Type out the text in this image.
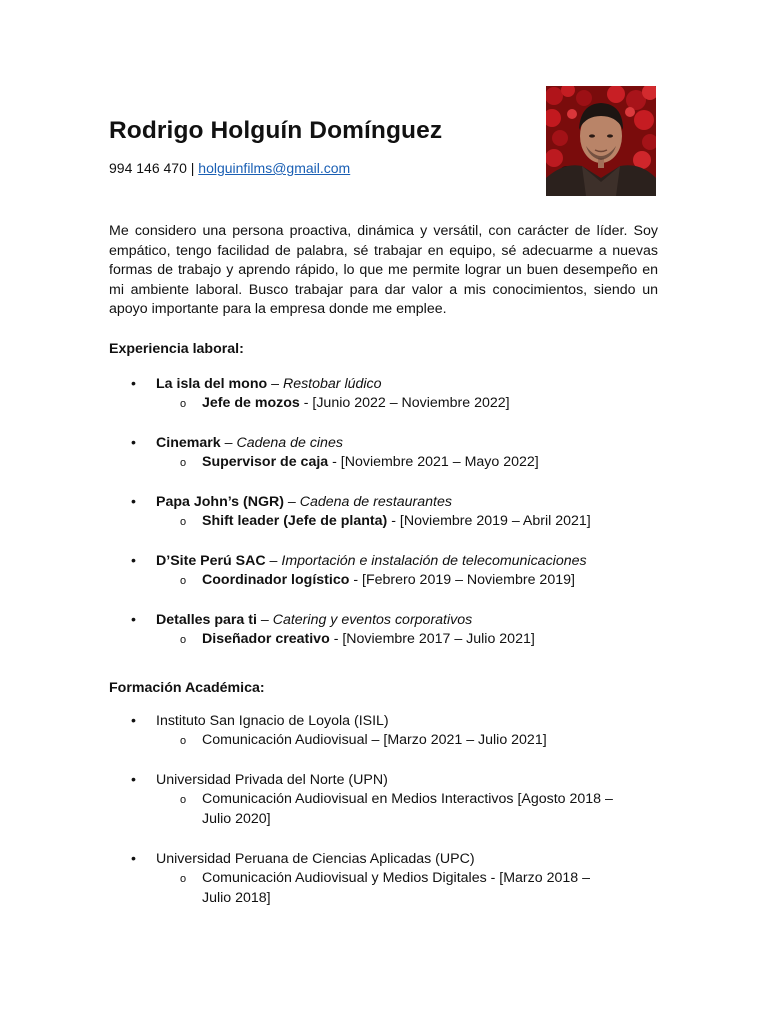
Rodrigo Holguín Domínguez
994 146 470 | holguinfilms@gmail.com
Me considero una persona proactiva, dinámica y versátil, con carácter de líder. Soy empático, tengo facilidad de palabra, sé trabajar en equipo, sé adecuarme a nuevas formas de trabajo y aprendo rápido, lo que me permite lograr un buen desempeño en mi ambiente laboral. Busco trabajar para dar valor a mis conocimientos, siendo un apoyo importante para la empresa donde me emplee.
Experiencia laboral:
• La isla del mono – Restobar lúdico
o Jefe de mozos - [Junio 2022 – Noviembre 2022]
• Cinemark – Cadena de cines
o Supervisor de caja - [Noviembre 2021 – Mayo 2022]
• Papa John’s (NGR) – Cadena de restaurantes
o Shift leader (Jefe de planta) - [Noviembre 2019 – Abril 2021]
• D’Site Perú SAC – Importación e instalación de telecomunicaciones
o Coordinador logístico - [Febrero 2019 – Noviembre 2019]
• Detalles para ti – Catering y eventos corporativos
o Diseñador creativo - [Noviembre 2017 – Julio 2021]
Formación Académica:
• Instituto San Ignacio de Loyola (ISIL)
o Comunicación Audiovisual – [Marzo 2021 – Julio 2021]
• Universidad Privada del Norte (UPN)
o Comunicación Audiovisual en Medios Interactivos [Agosto 2018 –
Julio 2020]
• Universidad Peruana de Ciencias Aplicadas (UPC)
o Comunicación Audiovisual y Medios Digitales - [Marzo 2018 –
Julio 2018]
